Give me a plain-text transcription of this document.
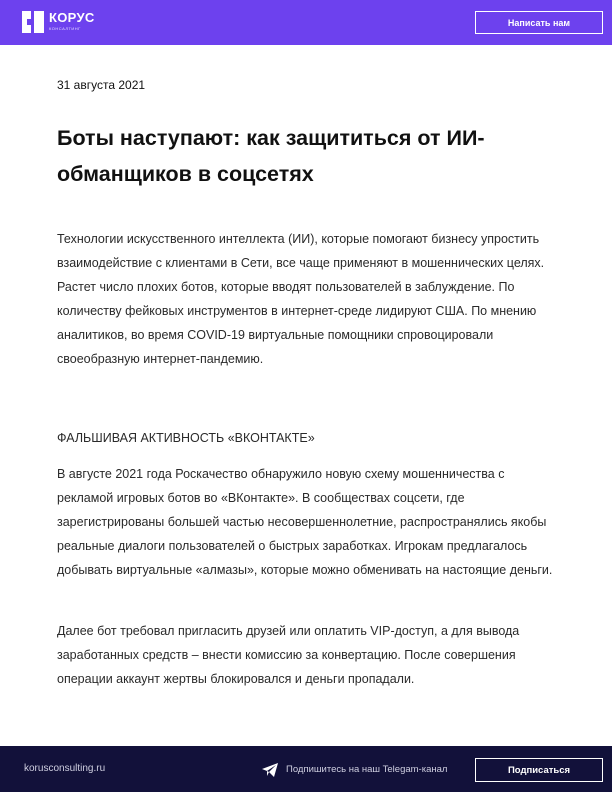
КОРУС
КОНСАЛТИНГ
Написать нам
31 августа 2021
Боты наступают: как защититься от ИИ-обманщиков в соцсетях

Технологии искусственного интеллекта (ИИ), которые помогают бизнесу упростить взаимодействие с клиентами в Сети, все чаще применяют в мошеннических целях. Растет число плохих ботов, которые вводят пользователей в заблуждение. По количеству фейковых инструментов в интернет-среде лидируют США. По мнению аналитиков, во время COVID-19 виртуальные помощники спровоцировали своеобразную интернет-пандемию.

ФАЛЬШИВАЯ АКТИВНОСТЬ «ВКОНТАКТЕ»

В августе 2021 года Роскачество обнаружило новую схему мошенничества с рекламой игровых ботов во «ВКонтакте». В сообществах соцсети, где зарегистрированы большей частью несовершеннолетние, распространялись якобы реальные диалоги пользователей о быстрых заработках. Игрокам предлагалось добывать виртуальные «алмазы», которые можно обменивать на настоящие деньги.

Далее бот требовал пригласить друзей или оплатить VIP-доступ, а для вывода заработанных средств – внести комиссию за конвертацию. После совершения операции аккаунт жертвы блокировался и деньги пропадали.

korusconsulting.ru	Подпишитесь на наш Telegam-канал	Подписаться
